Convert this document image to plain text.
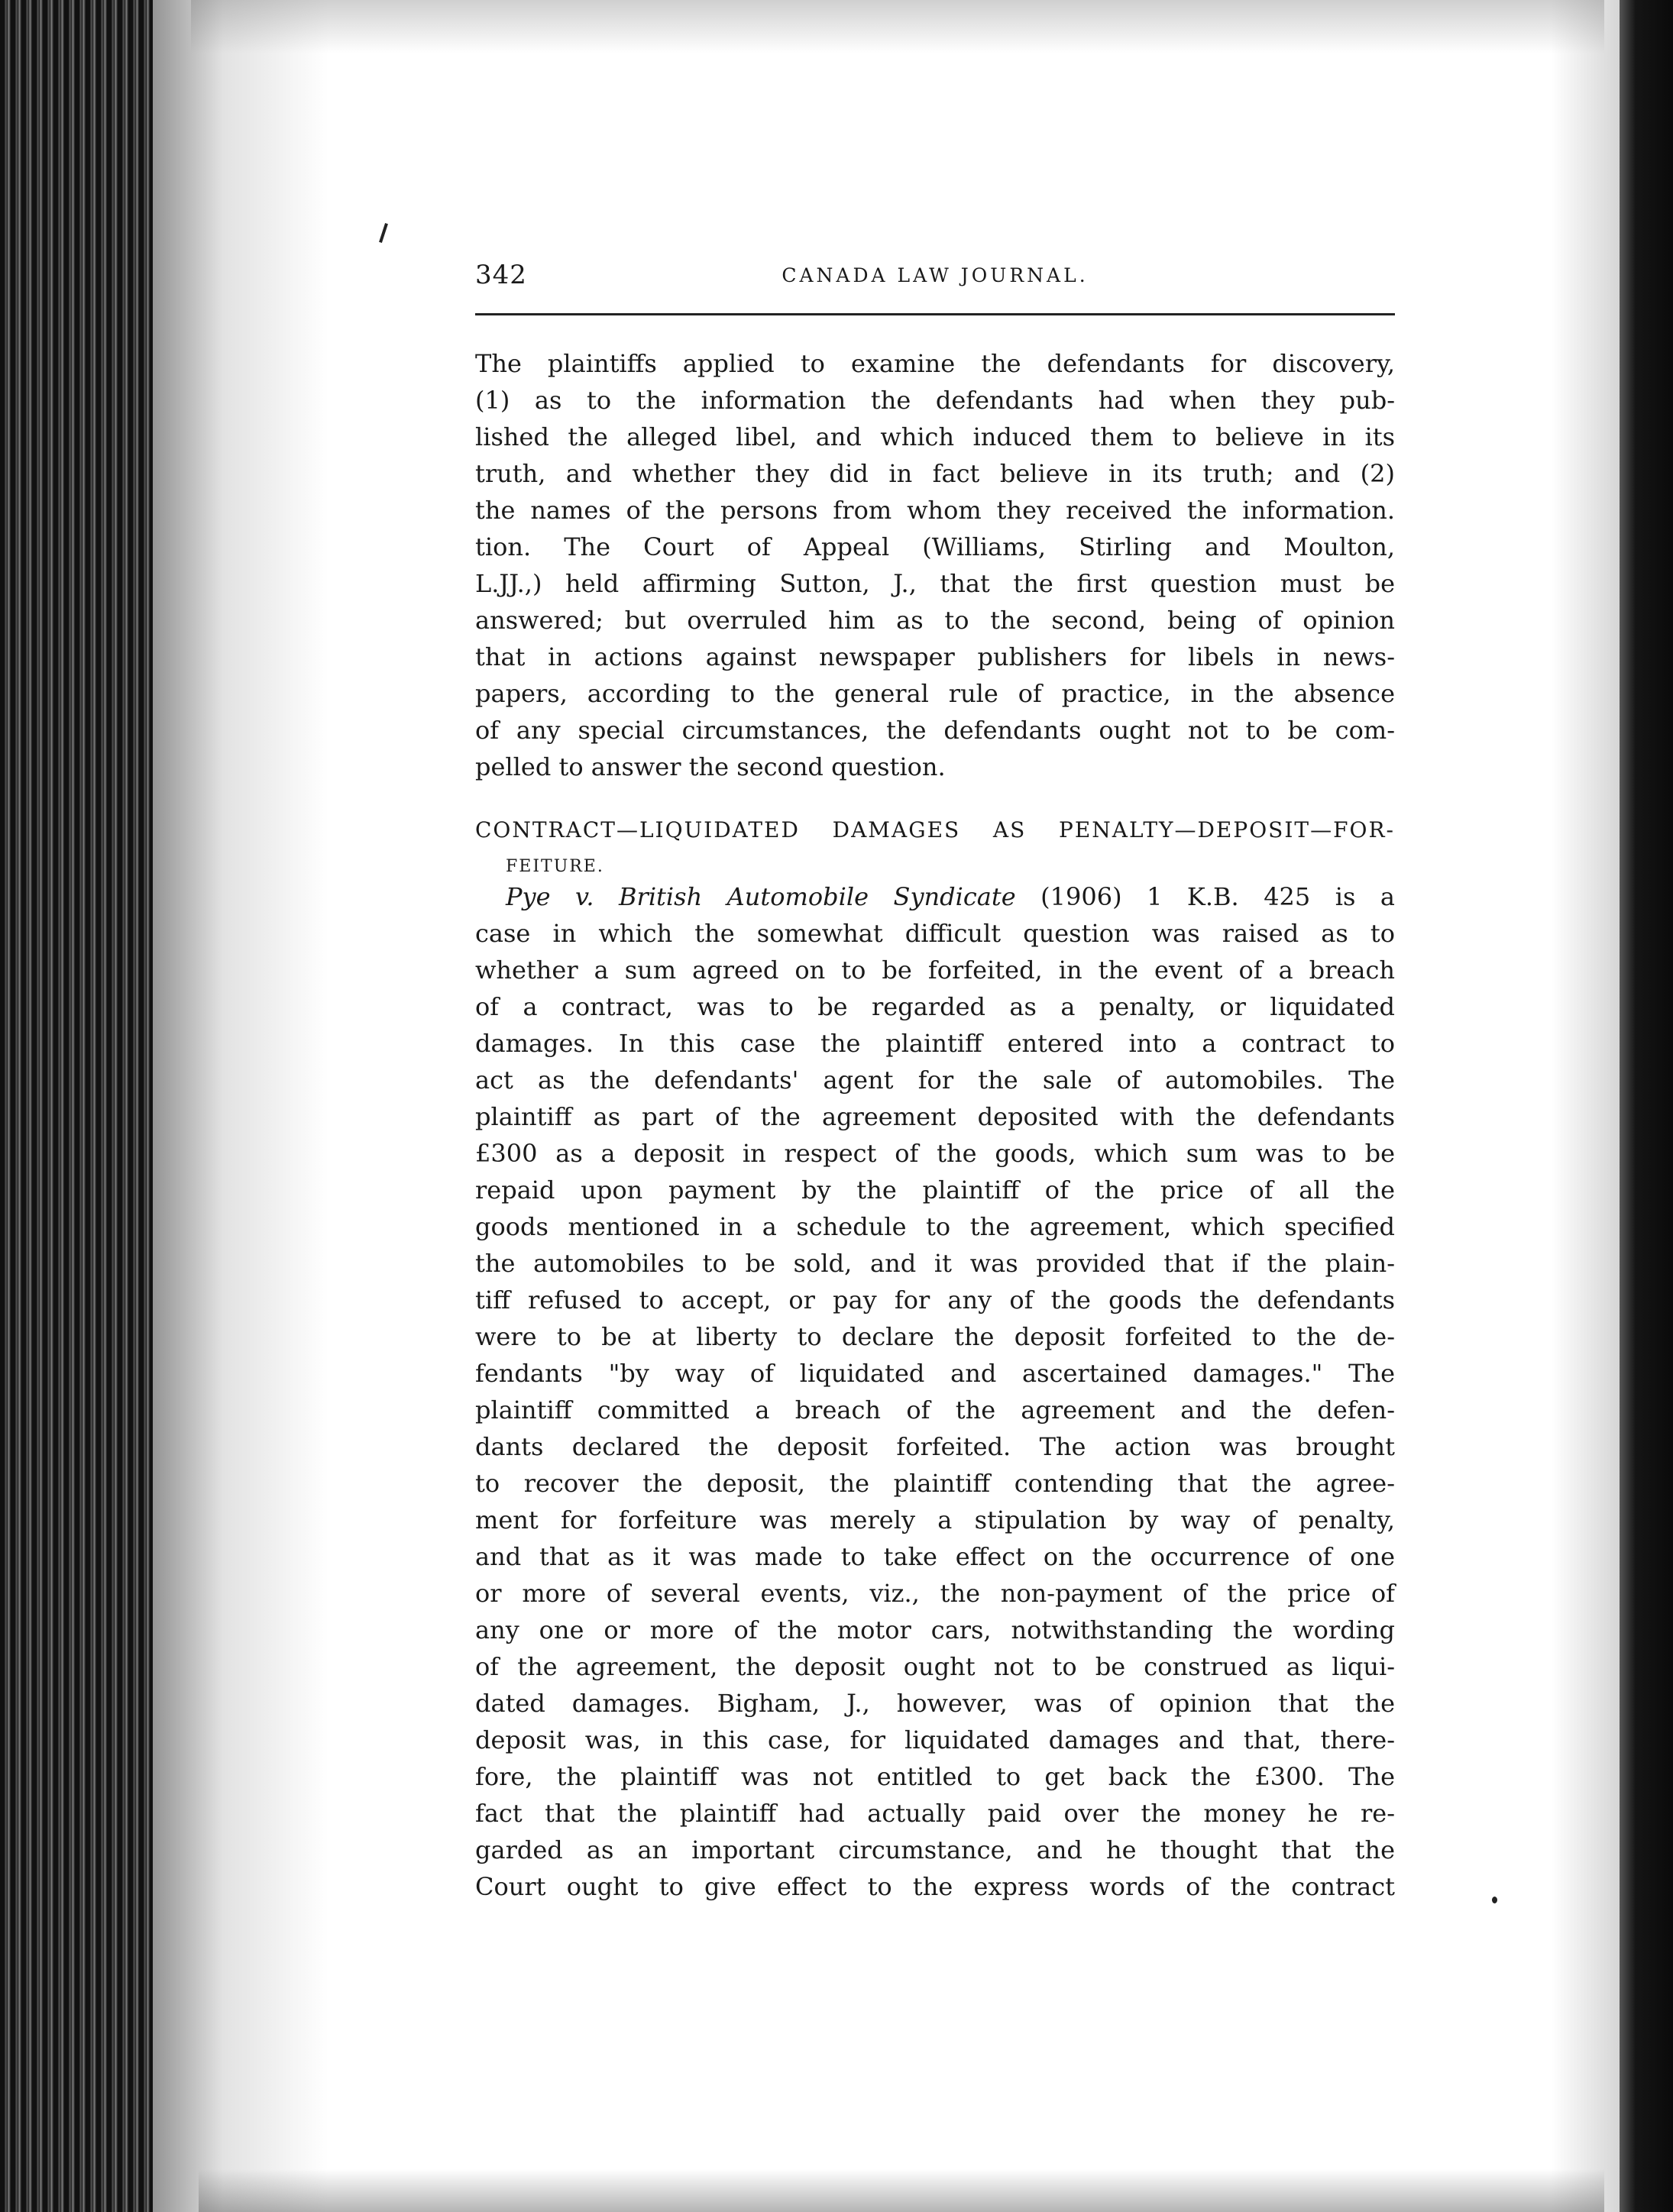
342	CANADA LAW JOURNAL.
The plaintiffs applied to examine the defendants for discovery,
(1) as to the information the defendants had when they pub-
lished the alleged libel, and which induced them to believe in its
truth, and whether they did in fact believe in its truth; and (2)
the names of the persons from whom they received the information.
tion. The Court of Appeal (Williams, Stirling and Moulton,
L.JJ.,) held affirming Sutton, J., that the first question must be
answered; but overruled him as to the second, being of opinion
that in actions against newspaper publishers for libels in news-
papers, according to the general rule of practice, in the absence
of any special circumstances, the defendants ought not to be com-
pelled to answer the second question.
CONTRACT—LIQUIDATED DAMAGES AS PENALTY—DEPOSIT—FOR-
FEITURE.
Pye v. British Automobile Syndicate (1906) 1 K.B. 425 is a
case in which the somewhat difficult question was raised as to
whether a sum agreed on to be forfeited, in the event of a breach
of a contract, was to be regarded as a penalty, or liquidated
damages. In this case the plaintiff entered into a contract to
act as the defendants' agent for the sale of automobiles. The
plaintiff as part of the agreement deposited with the defendants
£300 as a deposit in respect of the goods, which sum was to be
repaid upon payment by the plaintiff of the price of all the
goods mentioned in a schedule to the agreement, which specified
the automobiles to be sold, and it was provided that if the plain-
tiff refused to accept, or pay for any of the goods the defendants
were to be at liberty to declare the deposit forfeited to the de-
fendants "by way of liquidated and ascertained damages." The
plaintiff committed a breach of the agreement and the defen-
dants declared the deposit forfeited. The action was brought
to recover the deposit, the plaintiff contending that the agree-
ment for forfeiture was merely a stipulation by way of penalty,
and that as it was made to take effect on the occurrence of one
or more of several events, viz., the non-payment of the price of
any one or more of the motor cars, notwithstanding the wording
of the agreement, the deposit ought not to be construed as liqui-
dated damages. Bigham, J., however, was of opinion that the
deposit was, in this case, for liquidated damages and that, there-
fore, the plaintiff was not entitled to get back the £300. The
fact that the plaintiff had actually paid over the money he re-
garded as an important circumstance, and he thought that the
Court ought to give effect to the express words of the contract
